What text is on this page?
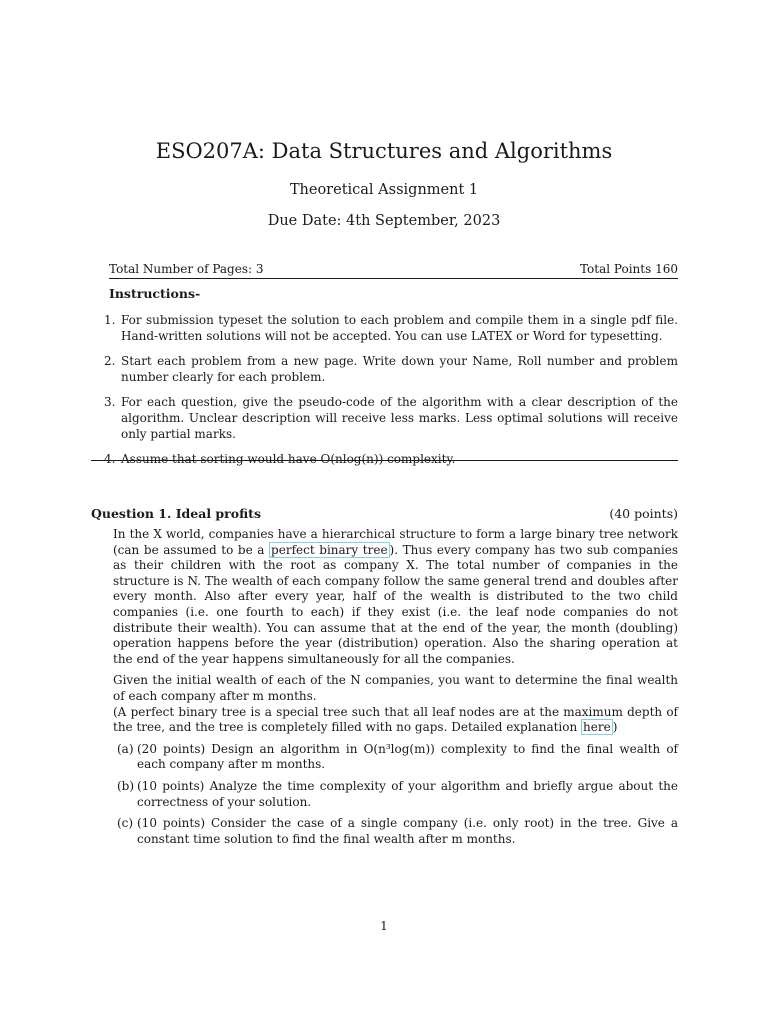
ESO207A: Data Structures and Algorithms
Theoretical Assignment 1
Due Date: 4th September, 2023
Total Number of Pages: 3	Total Points 160
Instructions-
1. For submission typeset the solution to each problem and compile them in a single pdf file. Hand-written solutions will not be accepted. You can use LATEX or Word for typesetting.
2. Start each problem from a new page. Write down your Name, Roll number and problem number clearly for each problem.
3. For each question, give the pseudo-code of the algorithm with a clear description of the algorithm. Unclear description will receive less marks. Less optimal solutions will receive only partial marks.
4. Assume that sorting would have O(nlog(n)) complexity.
Question 1. Ideal profits	(40 points)

In the X world, companies have a hierarchical structure to form a large binary tree network (can be assumed to be a perfect binary tree ). Thus every company has two sub companies as their children with the root as company X. The total number of companies in the structure is N. The wealth of each company follow the same general trend and doubles after every month. Also after every year, half of the wealth is distributed to the two child companies (i.e. one fourth to each) if they exist (i.e. the leaf node companies do not distribute their wealth). You can assume that at the end of the year, the month (doubling) operation happens before the year (distribution) operation. Also the sharing operation at the end of the year happens simultaneously for all the companies.

Given the initial wealth of each of the N companies, you want to determine the final wealth of each company after m months.
(A perfect binary tree is a special tree such that all leaf nodes are at the maximum depth of the tree, and the tree is completely filled with no gaps. Detailed explanation here )

(a) (20 points) Design an algorithm in O(n³log(m)) complexity to find the final wealth of each company after m months.
(b) (10 points) Analyze the time complexity of your algorithm and briefly argue about the correctness of your solution.
(c) (10 points) Consider the case of a single company (i.e. only root) in the tree. Give a constant time solution to find the final wealth after m months.
1
